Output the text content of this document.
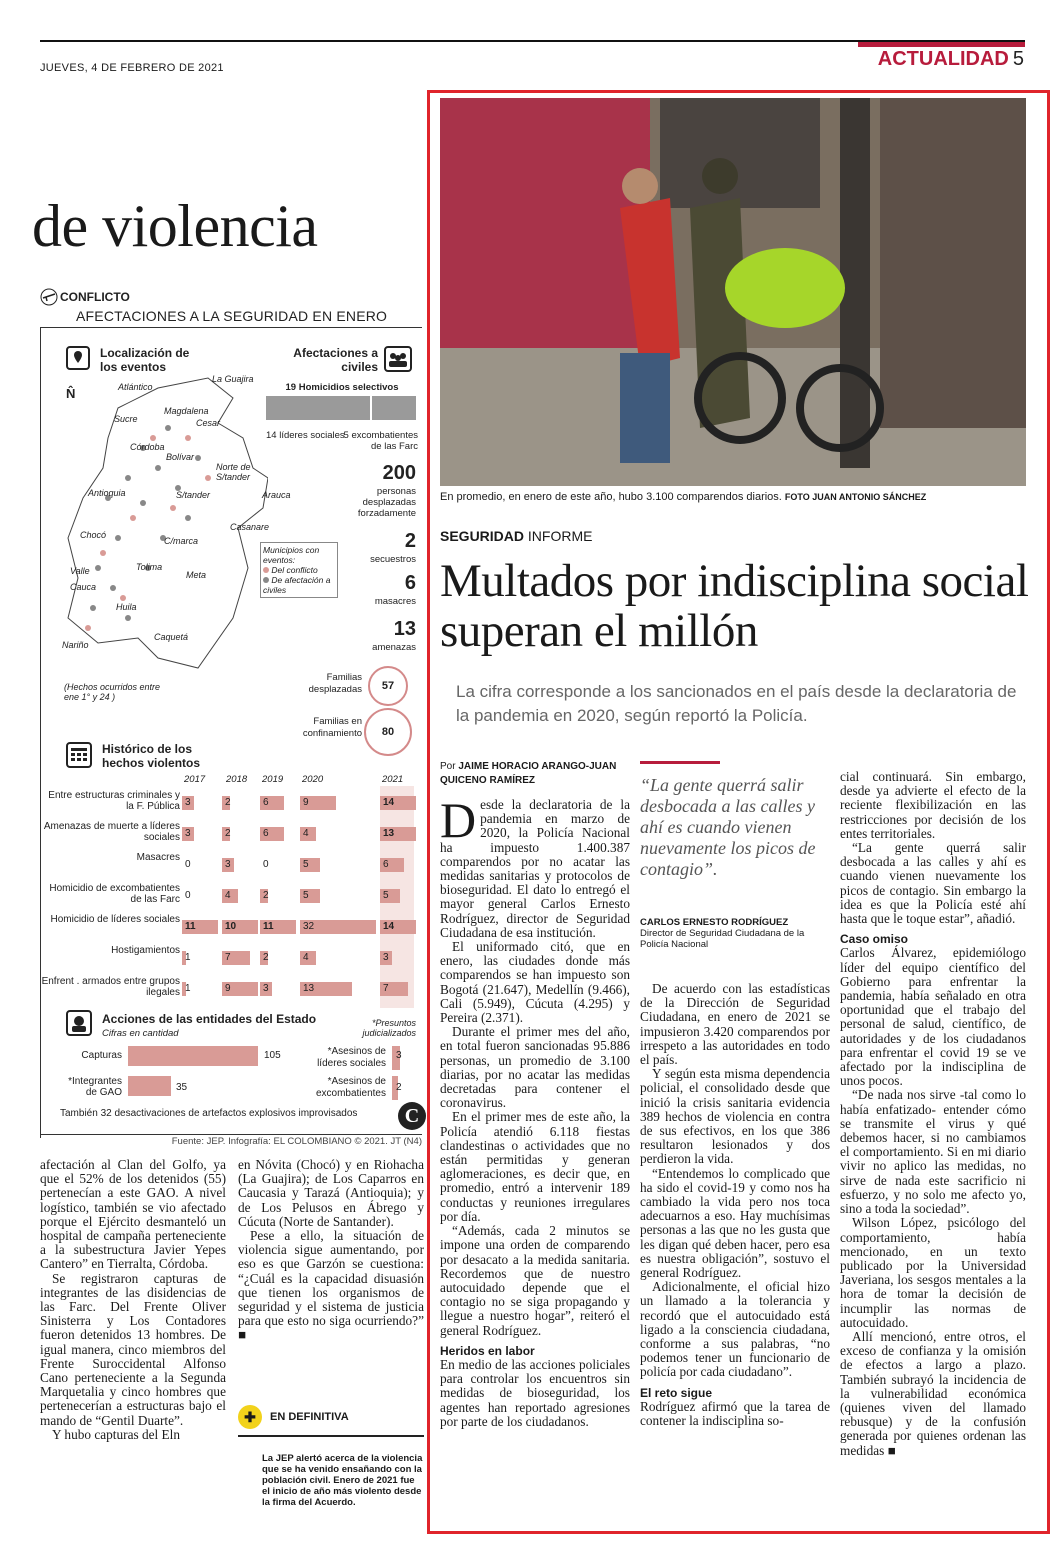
JUEVES, 4 DE FEBRERO DE 2021	ACTUALIDAD 5
de violencia
CONFLICTO
AFECTACIONES A LA SEGURIDAD EN ENERO
Localización de los eventos
N̂	Atlántico
La Guajira
Magdalena
Cesar
Sucre
Córdoba
Bolívar
Norte de S/tander
Antioquia	S/tander	Arauca
Casanare
Chocó
C/marca
Tolima
Meta
Valle
Cauca
Huila
Caquetá
Nariño
Municipios con eventos:
Del conflicto
De afectación a civiles
(Hechos ocurridos entre ene 1° y 24 )
Afectaciones a civiles
19 Homicidios selectivos
14 líderes sociales
5 excombatientes de las Farc
200
personas desplazadas forzadamente
2
secuestros
6
masacres
13
amenazas
Familias desplazadas	57
Familias en confinamiento	80
Histórico de los hechos violentos
2017 2018 2019 2020	2021
Entre estructuras criminales y la F. Pública 3	2	6	9	14
Amenazas de muerte a líderes sociales 3	2	6	4	13
Masacres
0	3	0	5	6
Homicidio de excombatientes de las Farc 0	4	2	5	5
Homicidio de líderes sociales
11	10	11	32	14
Hostigamientos
1	7	2	4	3
Enfrent . armados entre grupos ilegales 1	9	3	13	7
Acciones de las entidades del Estado
Cifras en cantidad
*Presuntos judicializados
Capturas	105
*Integrantes de GAO	35
*Asesinos de líderes sociales
3
*Asesinos de excombatientes
2
También 32 desactivaciones de artefactos explosivos improvisados	C
Fuente: JEP. Infografía: EL COLOMBIANO © 2021. JT (N4)

afectación al Clan del Golfo, ya que el 52% de los detenidos (55) pertenecían a este GAO. A nivel logístico, también se vio afectado porque el Ejército desmanteló un hospital de campaña perteneciente a la subestructura Javier Yepes Cantero” en Tierralta, Córdoba.

Se registraron capturas de integrantes de las disidencias de las Farc. Del Frente Oliver Sinisterra y Los Contadores fueron detenidos 13 hombres. De igual manera, cinco miembros del Frente Suroccidental Alfonso Cano perteneciente a la Segunda Marquetalia y cinco hombres que pertenecerían a estructuras bajo el mando de “Gentil Duarte”.

Y hubo capturas del Eln

en Nóvita (Chocó) y en Riohacha (La Guajira); de Los Caparros en Caucasia y Tarazá (Antioquia); y de Los Pelusos en Ábrego y Cúcuta (Norte de Santander).

Pese a ello, la situación de violencia sigue aumentando, por eso es que Garzón se cuestiona: “¿Cuál es la capacidad disuasión que tienen los organismos de seguridad y el sistema de justicia para que esto no siga ocurriendo?” ■

✚	EN DEFINITIVA
La JEP alertó acerca de la violencia que se ha venido ensañando con la población civil. Enero de 2021 fue el inicio de año más violento desde la firma del Acuerdo.
En promedio, en enero de este año, hubo 3.100 comparendos diarios. FOTO JUAN ANTONIO SÁNCHEZ
SEGURIDAD INFORME
Multados por indisciplina social superan el millón
La cifra corresponde a los sancionados en el país desde la declaratoria de la pandemia en 2020, según reportó la Policía.
Por JAIME HORACIO ARANGO-JUAN QUICENO RAMÍREZ

Desde la declaratoria de la pandemia en marzo de 2020, la Policía Nacional ha impuesto 1.400.387 comparendos por no acatar las medidas sanitarias y protocolos de bioseguridad. El dato lo entregó el mayor general Carlos Ernesto Rodríguez, director de Seguridad Ciudadana de esa institución.

El uniformado citó, que en enero, las ciudades donde más comparendos se han impuesto son Bogotá (21.647), Medellín (9.466), Cali (5.949), Cúcuta (4.295) y Pereira (2.371).

Durante el primer mes del año, en total fueron sancionadas 95.886 personas, un promedio de 3.100 diarias, por no acatar las medidas decretadas para contener el coronavirus.

En el primer mes de este año, la Policía atendió 6.118 fiestas clandestinas o actividades que no están permitidas y generan aglomeraciones, es decir que, en promedio, entró a intervenir 189 conductas y reuniones irregulares por día.

“Además, cada 2 minutos se impone una orden de comparendo por desacato a la medida sanitaria. Recordemos que de nuestro autocuidado depende que el contagio no se siga propagando y llegue a nuestro hogar”, reiteró el general Rodríguez.

Heridos en labor

En medio de las acciones policiales para controlar los encuentros sin medidas de bioseguridad, los agentes han reportado agresiones por parte de los ciudadanos.

“La gente querrá salir desbocada a las calles y ahí es cuando vienen nuevamente los picos de contagio”.
CARLOS ERNESTO RODRÍGUEZ
Director de Seguridad Ciudadana de la Policía Nacional

De acuerdo con las estadísticas de la Dirección de Seguridad Ciudadana, en enero de 2021 se impusieron 3.420 comparendos por irrespeto a las autoridades en todo el país.

Y según esta misma dependencia policial, el consolidado desde que inició la crisis sanitaria evidencia 389 hechos de violencia en contra de sus efectivos, en los que 386 resultaron lesionados y dos perdieron la vida.

“Entendemos lo complicado que ha sido el covid-19 y como nos ha cambiado la vida pero nos toca adecuarnos a eso. Hay muchísimas personas a las que no les gusta que les digan qué deben hacer, pero esa es nuestra obligación”, sostuvo el general Rodríguez.

Adicionalmente, el oficial hizo un llamado a la tolerancia y recordó que el autocuidado está ligado a la consciencia ciudadana, conforme a sus palabras, “no podemos tener un funcionario de policía por cada ciudadano”.

El reto sigue

Rodríguez afirmó que la tarea de contener la indisciplina so-

cial continuará. Sin embargo, desde ya advierte el efecto de la reciente flexibilización en las restricciones por decisión de los entes territoriales.

“La gente querrá salir desbocada a las calles y ahí es cuando vienen nuevamente los picos de contagio. Sin embargo la idea es que la Policía esté ahí hasta que le toque estar”, añadió.

Caso omiso

Carlos Álvarez, epidemiólogo líder del equipo científico del Gobierno para enfrentar la pandemia, había señalado en otra oportunidad que el trabajo del personal de salud, científico, de autoridades y de los ciudadanos para enfrentar el covid 19 se ve afectado por la indisciplina de unos pocos.

“De nada nos sirve -tal como lo había enfatizado- entender cómo se transmite el virus y qué debemos hacer, si no cambiamos el comportamiento. Si en mi diario vivir no aplico las medidas, no sirve de nada este sacrificio ni esfuerzo, y no solo me afecto yo, sino a toda la sociedad”.

Wilson López, psicólogo del comportamiento, había mencionado, en un texto publicado por la Universidad Javeriana, los sesgos mentales a la hora de tomar la decisión de incumplir las normas de autocuidado.

Allí mencionó, entre otros, el exceso de confianza y la omisión de efectos a largo a plazo. También subrayó la incidencia de la vulnerabilidad económica (quienes viven del llamado rebusque) y de la confusión generada por quienes ordenan las medidas ■
